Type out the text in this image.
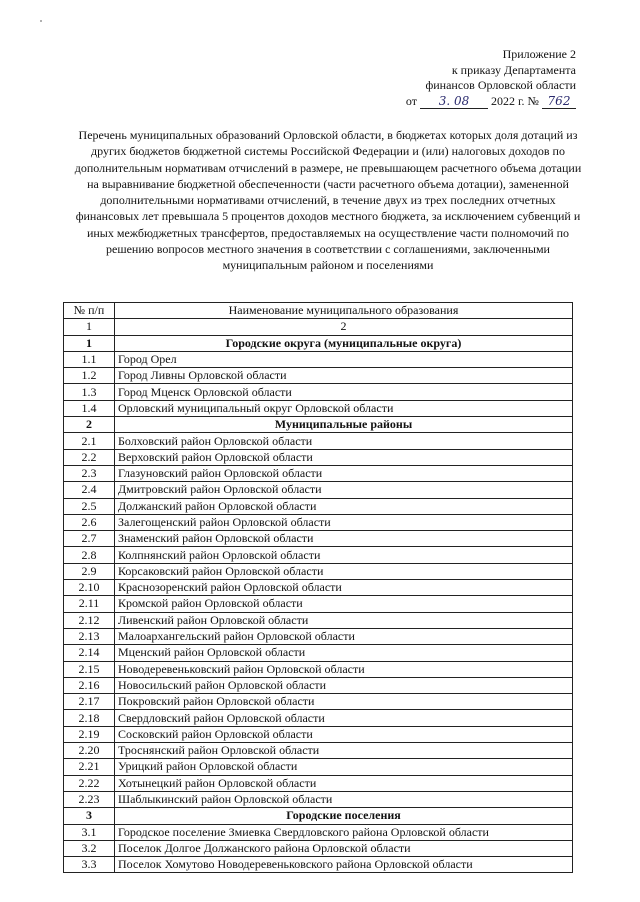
Приложение 2
к приказу Департамента
финансов Орловской области
от 3. 08 2022 г. № 762
Перечень муниципальных образований Орловской области, в бюджетах которых доля дотаций из других бюджетов бюджетной системы Российской Федерации и (или) налоговых доходов по дополнительным нормативам отчислений в размере, не превышающем расчетного объема дотации на выравнивание бюджетной обеспеченности (части расчетного объема дотации), замененной дополнительными нормативами отчислений, в течение двух из трех последних отчетных финансовых лет превышала 5 процентов доходов местного бюджета, за исключением субвенций и иных межбюджетных трансфертов, предоставляемых на осуществление части полномочий по решению вопросов местного значения в соответствии с соглашениями, заключенными муниципальным районом и поселениями
№ п/п	Наименование муниципального образования
1	2
1	Городские округа (муниципальные округа)
1.1	Город Орел
1.2	Город Ливны Орловской области
1.3	Город Мценск Орловской области
1.4	Орловский муниципальный округ Орловской области
2	Муниципальные районы
2.1	Болховский район Орловской области
2.2	Верховский район Орловской области
2.3	Глазуновский район Орловской области
2.4	Дмитровский район Орловской области
2.5	Должанский район Орловской области
2.6	Залегощенский район Орловской области
2.7	Знаменский район Орловской области
2.8	Колпнянский район Орловской области
2.9	Корсаковский район Орловской области
2.10	Краснозоренский район Орловской области
2.11	Кромской район Орловской области
2.12	Ливенский район Орловской области
2.13	Малоархангельский район Орловской области
2.14	Мценский район Орловской области
2.15	Новодеревеньковский район Орловской области
2.16	Новосильский район Орловской области
2.17	Покровский район Орловской области
2.18	Свердловский район Орловской области
2.19	Сосковский район Орловской области
2.20	Троснянский район Орловской области
2.21	Урицкий район Орловской области
2.22	Хотынецкий район Орловской области
2.23	Шаблыкинский район Орловской области
3	Городские поселения
3.1	Городское поселение Змиевка Свердловского района Орловской области
3.2	Поселок Долгое Должанского района Орловской области
3.3	Поселок Хомутово Новодеревеньковского района Орловской области
